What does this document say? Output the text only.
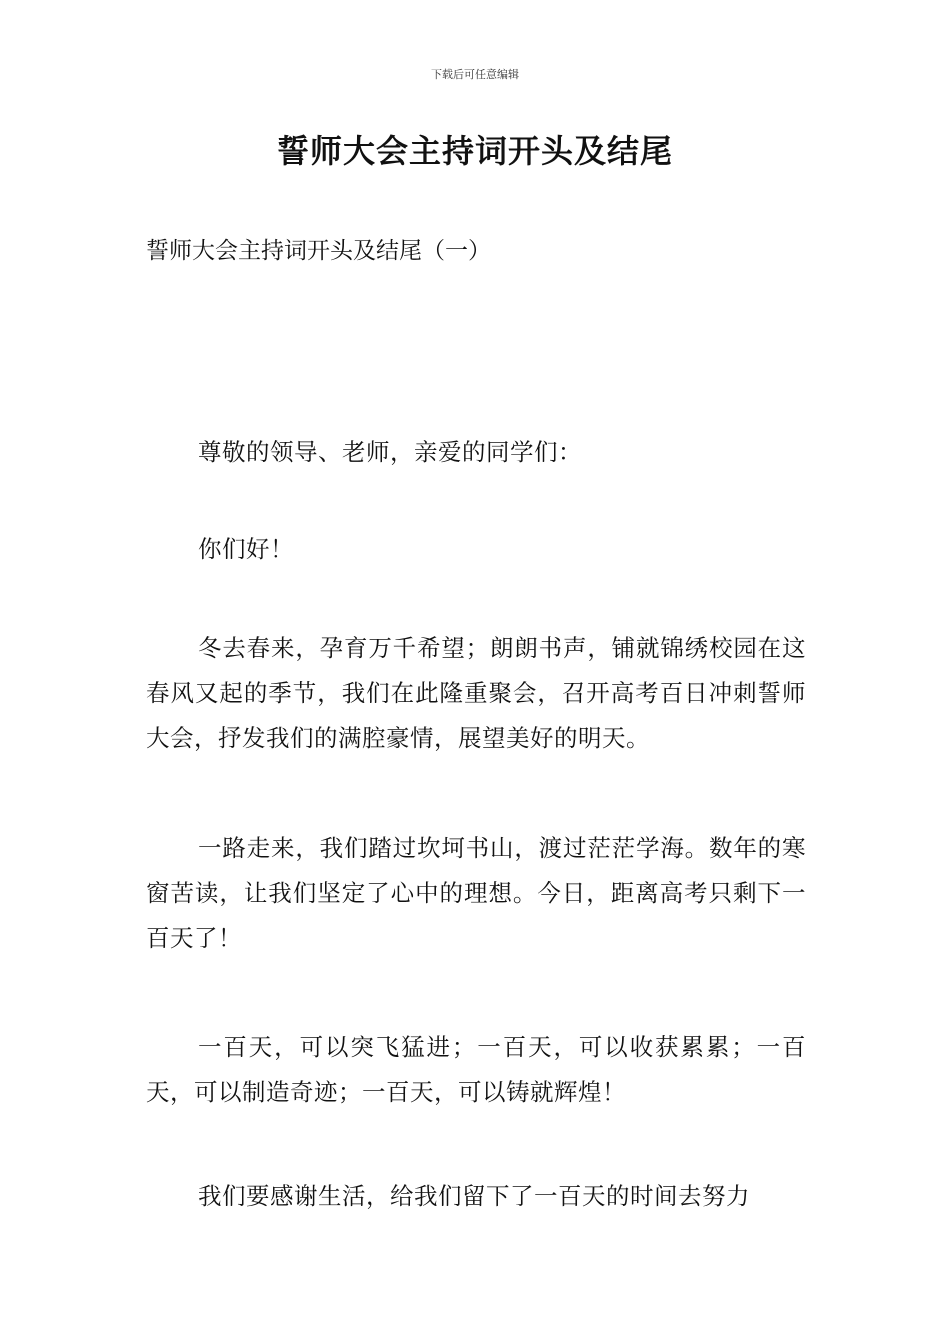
下载后可任意编辑
誓师大会主持词开头及结尾
誓师大会主持词开头及结尾（一）

尊敬的领导、老师，亲爱的同学们：

你们好！

冬去春来，孕育万千希望；朗朗书声，铺就锦绣校园在这春风又起的季节，我们在此隆重聚会，召开高考百日冲刺誓师大会，抒发我们的满腔豪情，展望美好的明天。

一路走来，我们踏过坎坷书山，渡过茫茫学海。数年的寒窗苦读，让我们坚定了心中的理想。今日，距离高考只剩下一百天了！

一百天，可以突飞猛进；一百天，可以收获累累；一百天，可以制造奇迹；一百天，可以铸就辉煌！

我们要感谢生活，给我们留下了一百天的时间去努力
